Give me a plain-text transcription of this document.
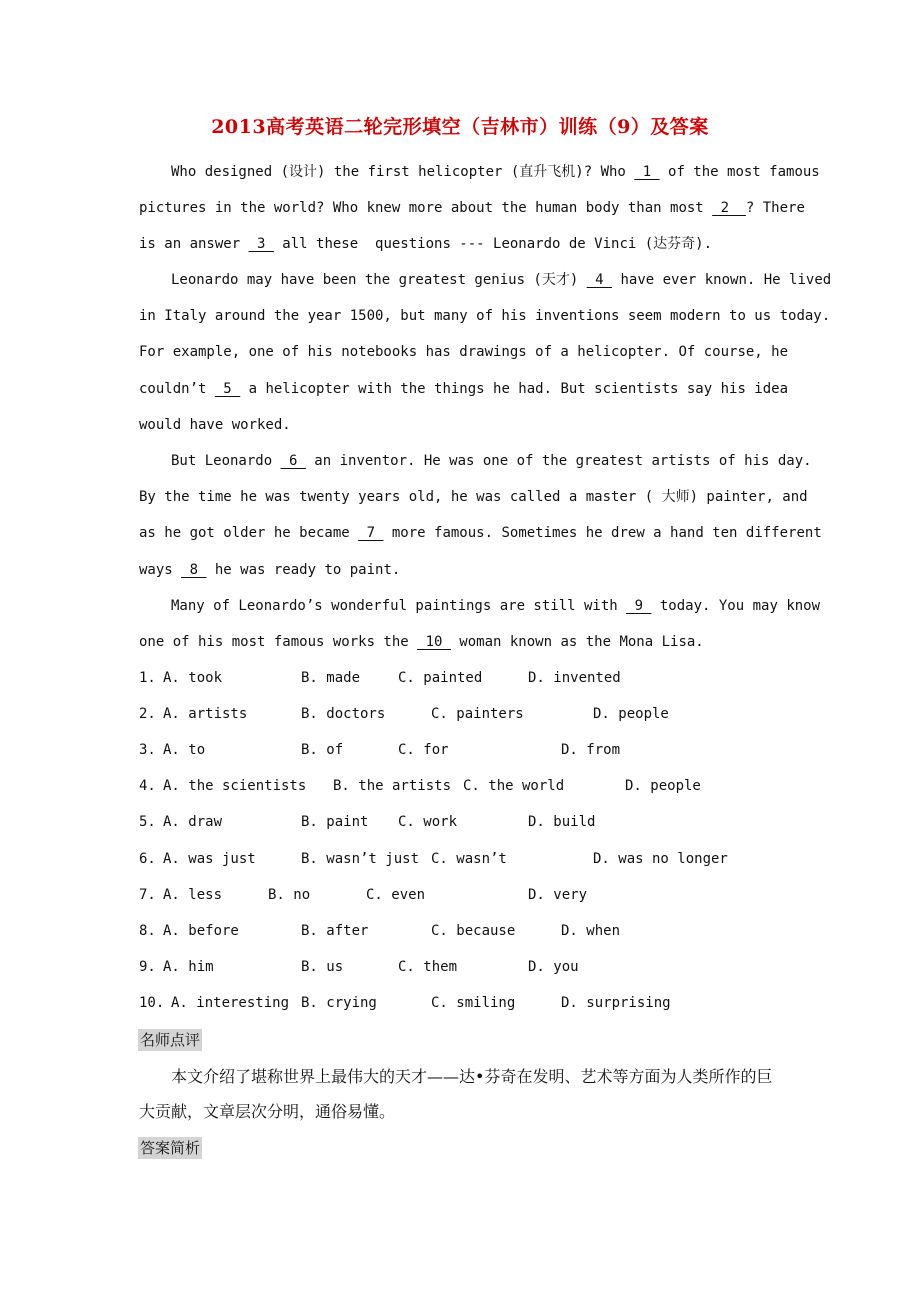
2013高考英语二轮完形填空（吉林市）训练（9）及答案
Who designed (设计) the first helicopter (直升飞机)? Who  1  of the most famous
pictures in the world? Who knew more about the human body than most  2  ? There
is an answer _3_ all these  questions --- Leonardo de Vinci (达芬奇).
Leonardo may have been the greatest genius (天才) _4_ have ever known. He lived
in Italy around the year 1500, but many of his inventions seem modern to us today.
For example, one of his notebooks has drawings of a helicopter. Of course, he
couldn’t _5_ a helicopter with the things he had. But scientists say his idea
would have worked.
But Leonardo _6_ an inventor. He was one of the greatest artists of his day.
By the time he was twenty years old, he was called a master ( 大师) painter, and
as he got older he became  7  more famous. Sometimes he drew a hand ten different
ways _8_ he was ready to paint.
Many of Leonardo’s wonderful paintings are still with _9_ today. You may know
one of his most famous works the _10_ woman known as the Mona Lisa.
1. A. took	B. made	C. painted	D. invented
2. A. artists	B. doctors	C. painters	D. people
3. A. to	B. of	C. for	D. from
4. A. the scientists B. the artists C. the world	D. people
5. A. draw	B. paint C. work	D. build
6. A. was just	B. wasn’t just C. wasn’t	D. was no longer
7. A. less	B. no	C. even	D. very
8. A. before	B. after	C. because	D. when
9. A. him	B. us	C. them	D. you
10. A. interesting B. crying	C. smiling	D. surprising
名师点评
本文介绍了堪称世界上最伟大的天才——达•芬奇在发明、艺术等方面为人类所作的巨
大贡献，文章层次分明，通俗易懂。
答案简析
